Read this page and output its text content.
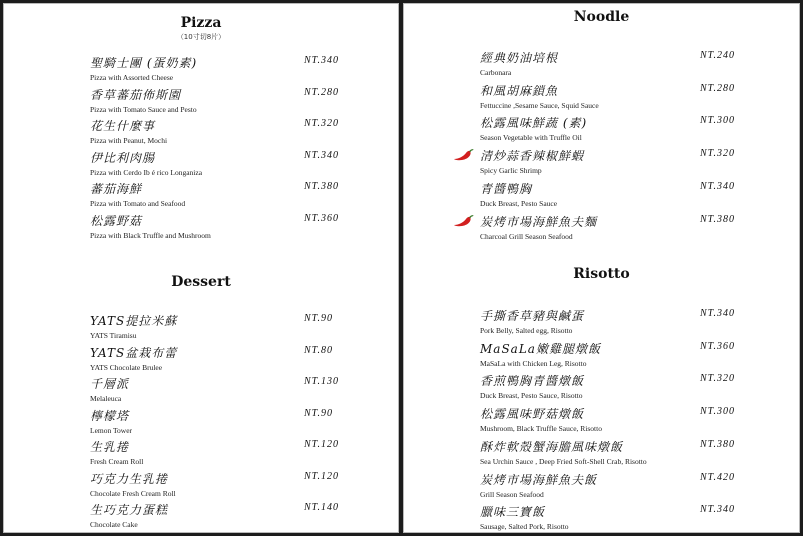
Pizza
（10寸切8片）
聖騎士團 (蛋奶素)
Pizza with Assorted Cheese
NT.340
香草蕃茄佈斯園
Pizza with Tomato Sauce and Pesto
NT.280
花生什麼事
Pizza with Peanut, Mochi
NT.320
伊比利肉腸
Pizza with Cerdo Ib é rico Longaniza
NT.340
蕃茄海鮮
Pizza with Tomato and Seafood
NT.380
松露野菇
Pizza with Black Truffle and Mushroom
NT.360
Dessert
YATS提拉米蘇
YATS Tiramisu
NT.90
YATS盆栽布蕾
YATS Chocolate Brulee
NT.80
千層派
Melaleuca
NT.130
檸檬塔
Lemon Tower
NT.90
生乳捲
Fresh Cream Roll
NT.120
巧克力生乳捲
Chocolate Fresh Cream Roll
NT.120
生巧克力蛋糕
Chocolate Cake
NT.140
Noodle
經典奶油培根
Carbonara
NT.240
和風胡麻鎖魚
Fettuccine ,Sesame Sauce, Squid Sauce
NT.280
松露風味鮮蔬 (素)
Season Vegetable with Truffle Oil
NT.300
清炒蒜香辣椒鮮蝦
Spicy Garlic Shrimp
NT.320
青醬鴨胸
Duck Breast, Pesto Sauce
NT.340
炭烤市場海鮮魚夫麵
Charcoal Grill Season Seafood
NT.380
Risotto
手撕香草豬與鹹蛋
Pork Belly, Salted egg, Risotto
NT.340
MaSaLa嫩雞腿燉飯
MaSaLa with Chicken Leg, Risotto
NT.360
香煎鴨胸青醬燉飯
Duck Breast, Pesto Sauce, Risotto
NT.320
松露風味野菇燉飯
Mushroom, Black Truffle Sauce, Risotto
NT.300
酥炸軟殼蟹海膽風味燉飯
Sea Urchin Sauce , Deep Fried Soft-Shell Crab, Risotto
NT.380
炭烤市場海鮮魚夫飯
Grill Season Seafood
NT.420
臘味三寶飯
Sausage, Salted Pork, Risotto
NT.340
